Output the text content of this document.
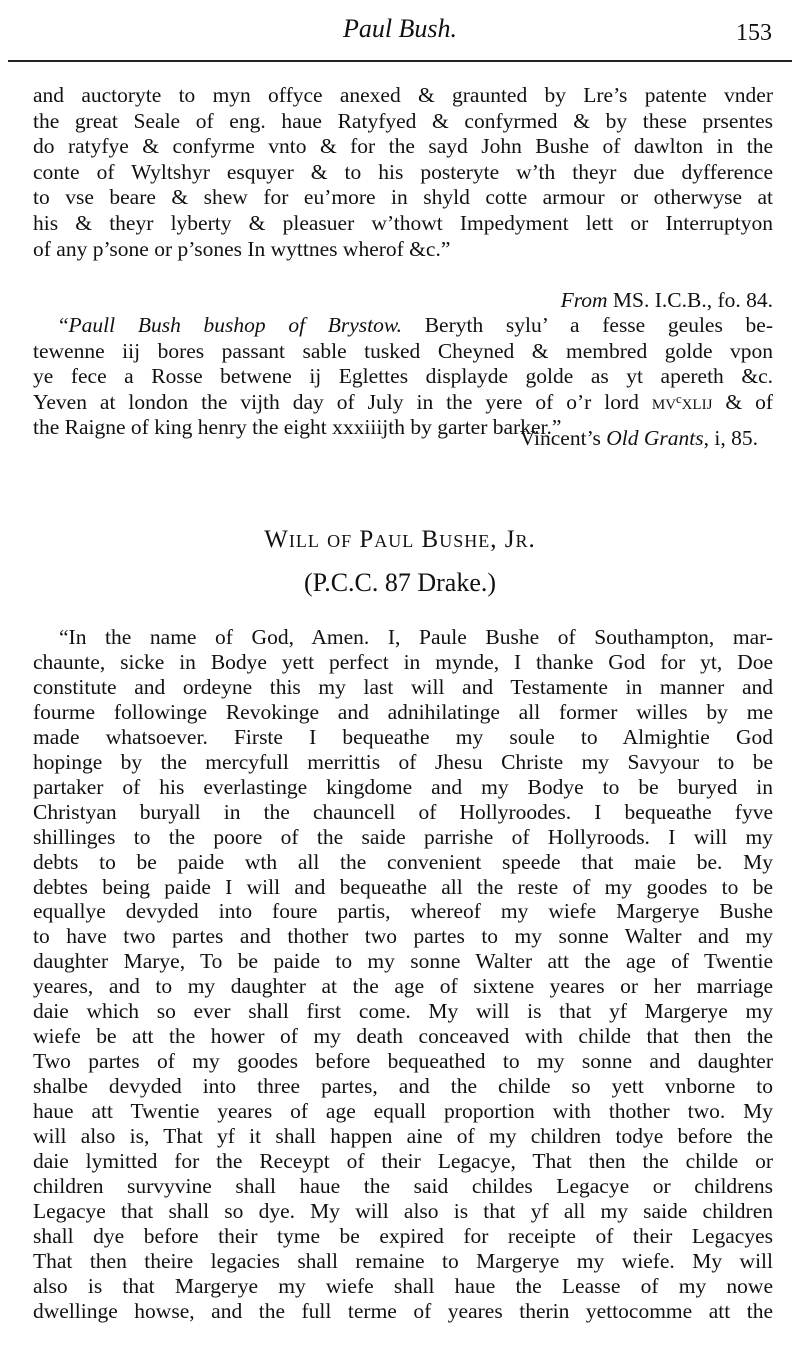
Paul Bush.	153
and auctoryte to myn offyce anexed & graunted by Lre’s patente vnder
the great Seale of eng. haue Ratyfyed & confyrmed & by these prsentes
do ratyfye & confyrme vnto & for the sayd John Bushe of dawlton in the
conte of Wyltshyr esquyer & to his posteryte w’th theyr due dyfference
to vse beare & shew for eu’more in shyld cotte armour or otherwyse at
his & theyr lyberty & pleasuer w’thowt Impedyment lett or Interruptyon
of any p’sone or p’sones In wyttnes wherof &c.”
From MS. I.C.B., fo. 84.
“Paull Bush bushop of Brystow. Beryth sylu’ a fesse geules be-
tewenne iij bores passant sable tusked Cheyned & membred golde vpon
ye fece a Rosse betwene ij Eglettes displayde golde as yt apereth &c.
Yeven at london the vijth day of July in the yere of o’r lord mvᶜxlij & of
the Raigne of king henry the eight xxxiiijth by garter barker.”
Vincent’s Old Grants, i, 85.
Will of Paul Bushe, Jr.
(P.C.C. 87 Drake.)
“In the name of God, Amen. I, Paule Bushe of Southampton, mar-
chaunte, sicke in Bodye yett perfect in mynde, I thanke God for yt, Doe
constitute and ordeyne this my last will and Testamente in manner and
fourme followinge Revokinge and adnihilatinge all former willes by me
made whatsoever. Firste I bequeathe my soule to Almightie God
hopinge by the mercyfull merrittis of Jhesu Christe my Savyour to be
partaker of his everlastinge kingdome and my Bodye to be buryed in
Christyan buryall in the chauncell of Hollyroodes. I bequeathe fyve
shillinges to the poore of the saide parrishe of Hollyroods. I will my
debts to be paide wth all the convenient speede that maie be. My
debtes being paide I will and bequeathe all the reste of my goodes to be
equallye devyded into foure partis, whereof my wiefe Margerye Bushe
to have two partes and thother two partes to my sonne Walter and my
daughter Marye, To be paide to my sonne Walter att the age of Twentie
yeares, and to my daughter at the age of sixtene yeares or her marriage
daie which so ever shall first come. My will is that yf Margerye my
wiefe be att the hower of my death conceaved with childe that then the
Two partes of my goodes before bequeathed to my sonne and daughter
shalbe devyded into three partes, and the childe so yett vnborne to
haue att Twentie yeares of age equall proportion with thother two. My
will also is, That yf it shall happen aine of my children todye before the
daie lymitted for the Receypt of their Legacye, That then the childe or
children survyvine shall haue the said childes Legacye or childrens
Legacye that shall so dye. My will also is that yf all my saide children
shall dye before their tyme be expired for receipte of their Legacyes
That then theire legacies shall remaine to Margerye my wiefe. My will
also is that Margerye my wiefe shall haue the Leasse of my nowe
dwellinge howse, and the full terme of yeares therin yettocomme att the
